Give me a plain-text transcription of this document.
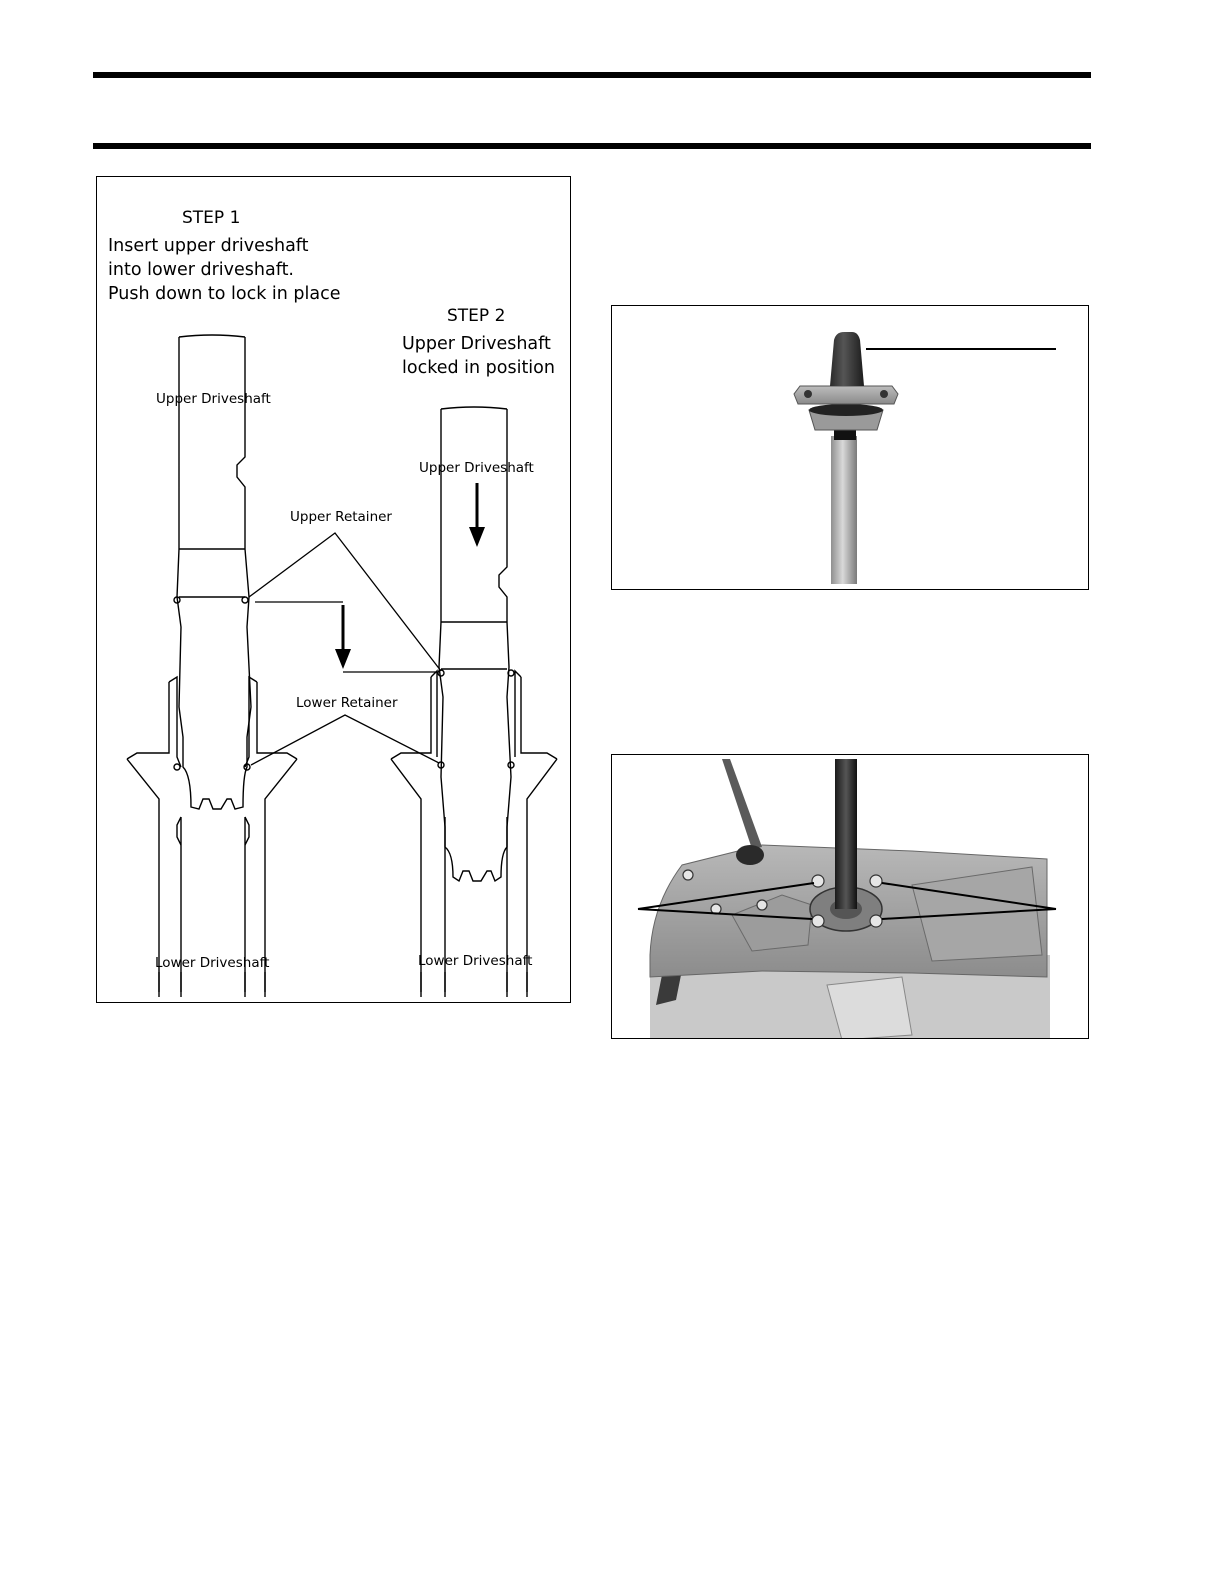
STEP 1
Insert upper driveshaft
into lower driveshaft.
Push down to lock in place
STEP 2
Upper Driveshaft
locked in position
Upper Driveshaft
Upper Driveshaft
Upper Retainer
Lower Retainer
Lower Driveshaft	Lower Driveshaft
